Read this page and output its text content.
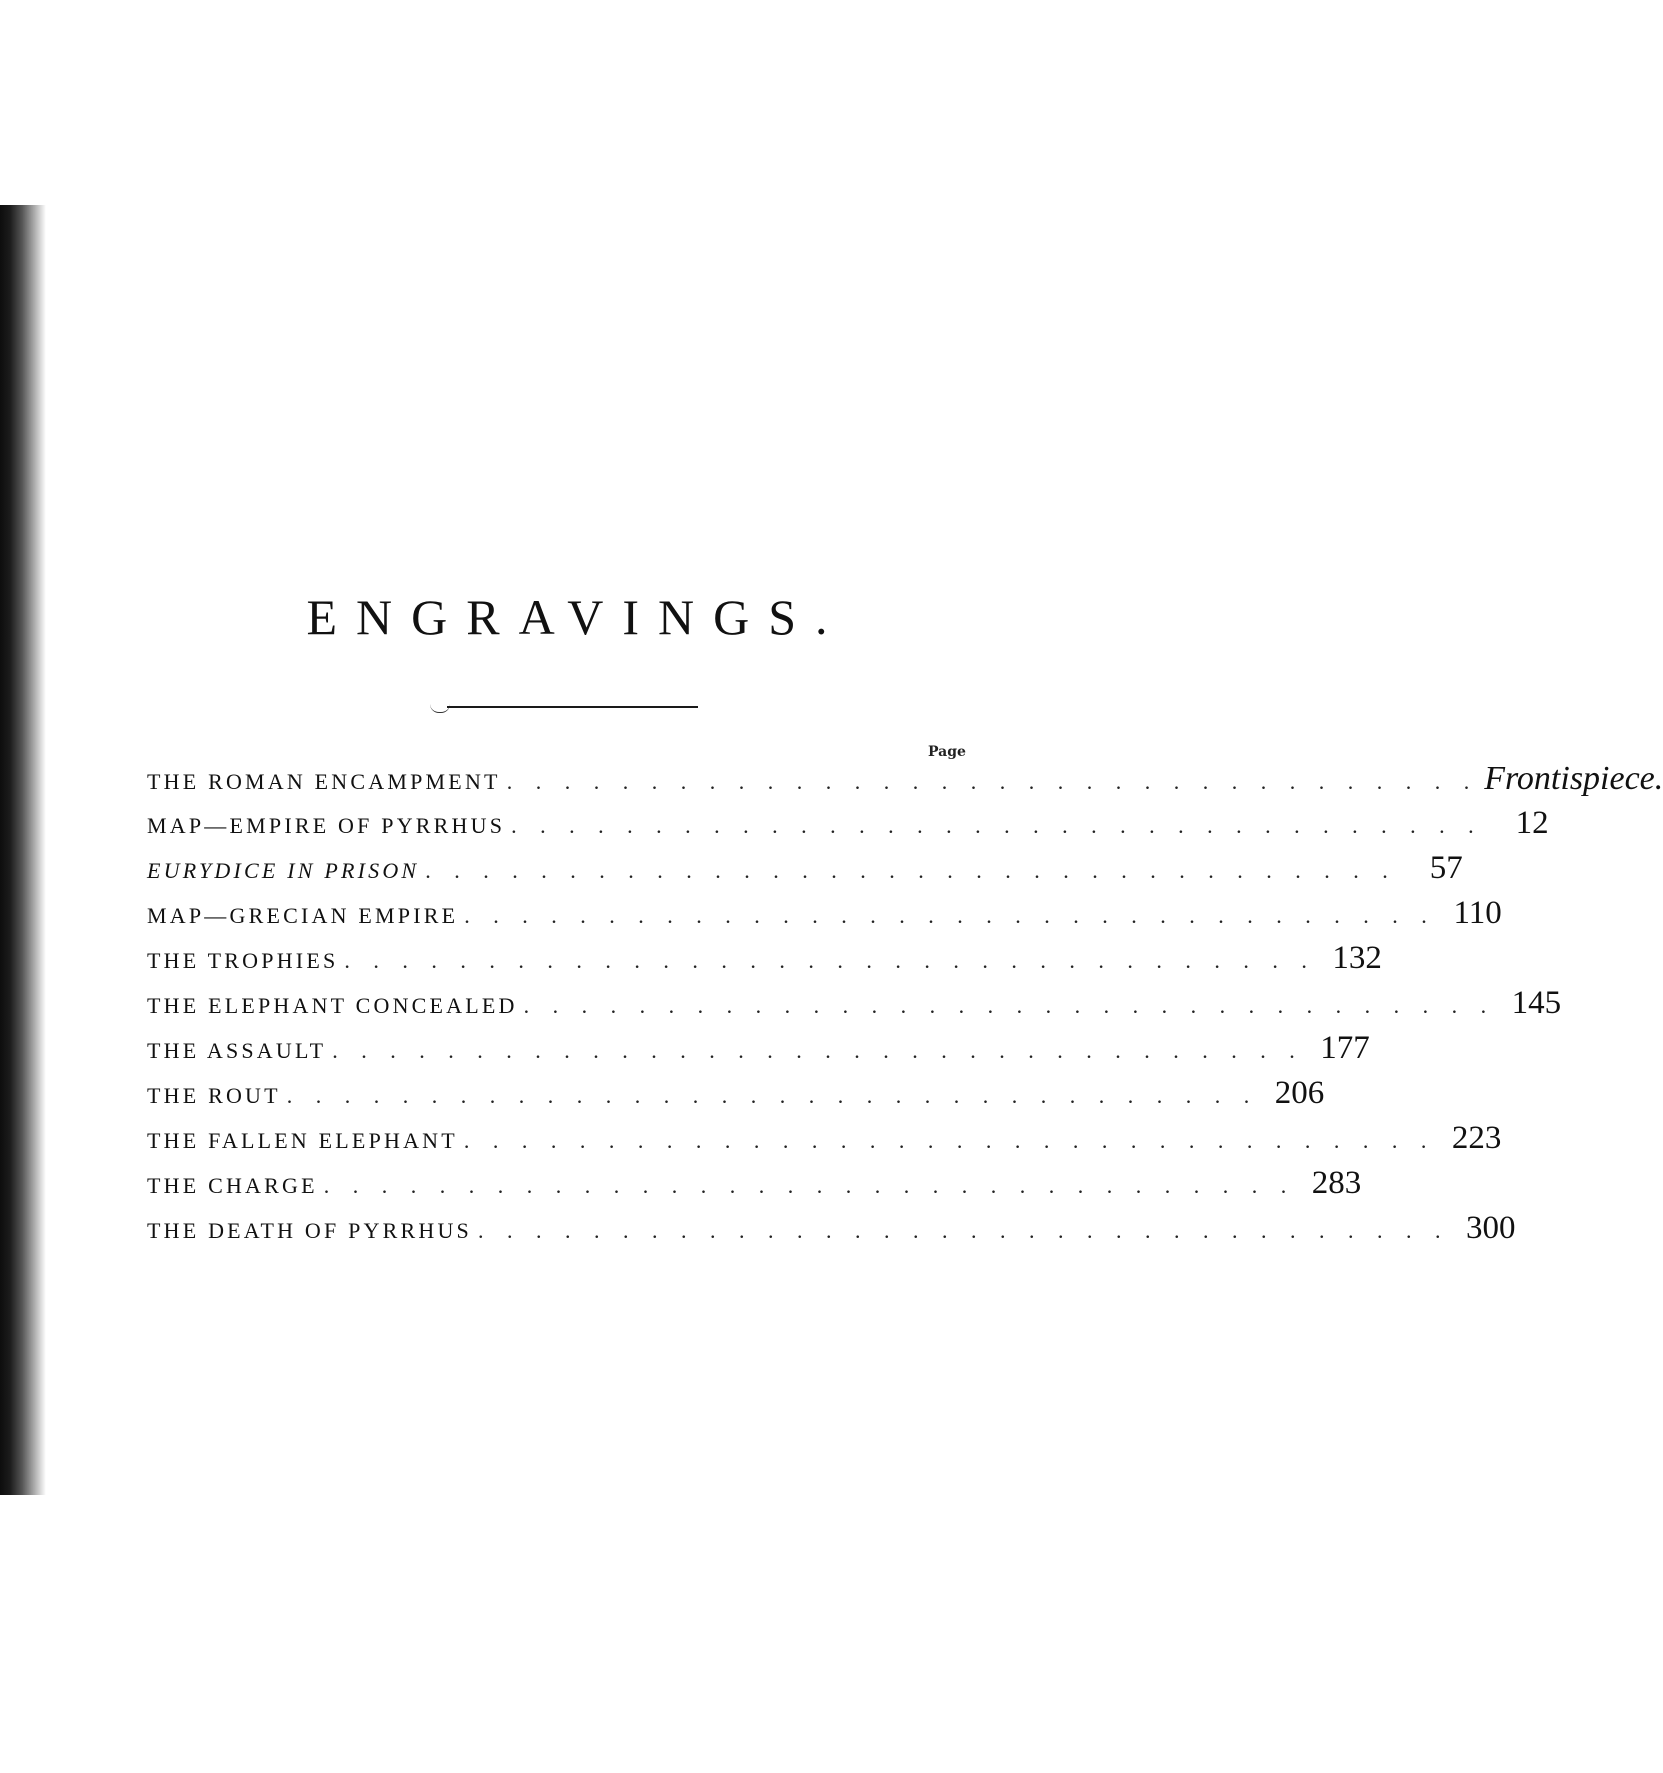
ENGRAVINGS.
Page
THE ROMAN ENCAMPMENT . . . . . . . . . . . . . . . . . . . . . . . . . . . . . . . . . . Frontispiece.
MAP—EMPIRE OF PYRRHUS . . . . . . . . . . . . . . . . . . . . . . . . . . . . . . . . . .	12
EURYDICE IN PRISON . . . . . . . . . . . . . . . . . . . . . . . . . . . . . . . . . .	57
MAP—GRECIAN EMPIRE . . . . . . . . . . . . . . . . . . . . . . . . . . . . . . . . . . 110
THE TROPHIES . . . . . . . . . . . . . . . . . . . . . . . . . . . . . . . . . . 132
THE ELEPHANT CONCEALED . . . . . . . . . . . . . . . . . . . . . . . . . . . . . . . . . . 145
THE ASSAULT . . . . . . . . . . . . . . . . . . . . . . . . . . . . . . . . . . 177
THE ROUT . . . . . . . . . . . . . . . . . . . . . . . . . . . . . . . . . . 206
THE FALLEN ELEPHANT . . . . . . . . . . . . . . . . . . . . . . . . . . . . . . . . . . 223
THE CHARGE . . . . . . . . . . . . . . . . . . . . . . . . . . . . . . . . . . 283
THE DEATH OF PYRRHUS . . . . . . . . . . . . . . . . . . . . . . . . . . . . . . . . . . 300
